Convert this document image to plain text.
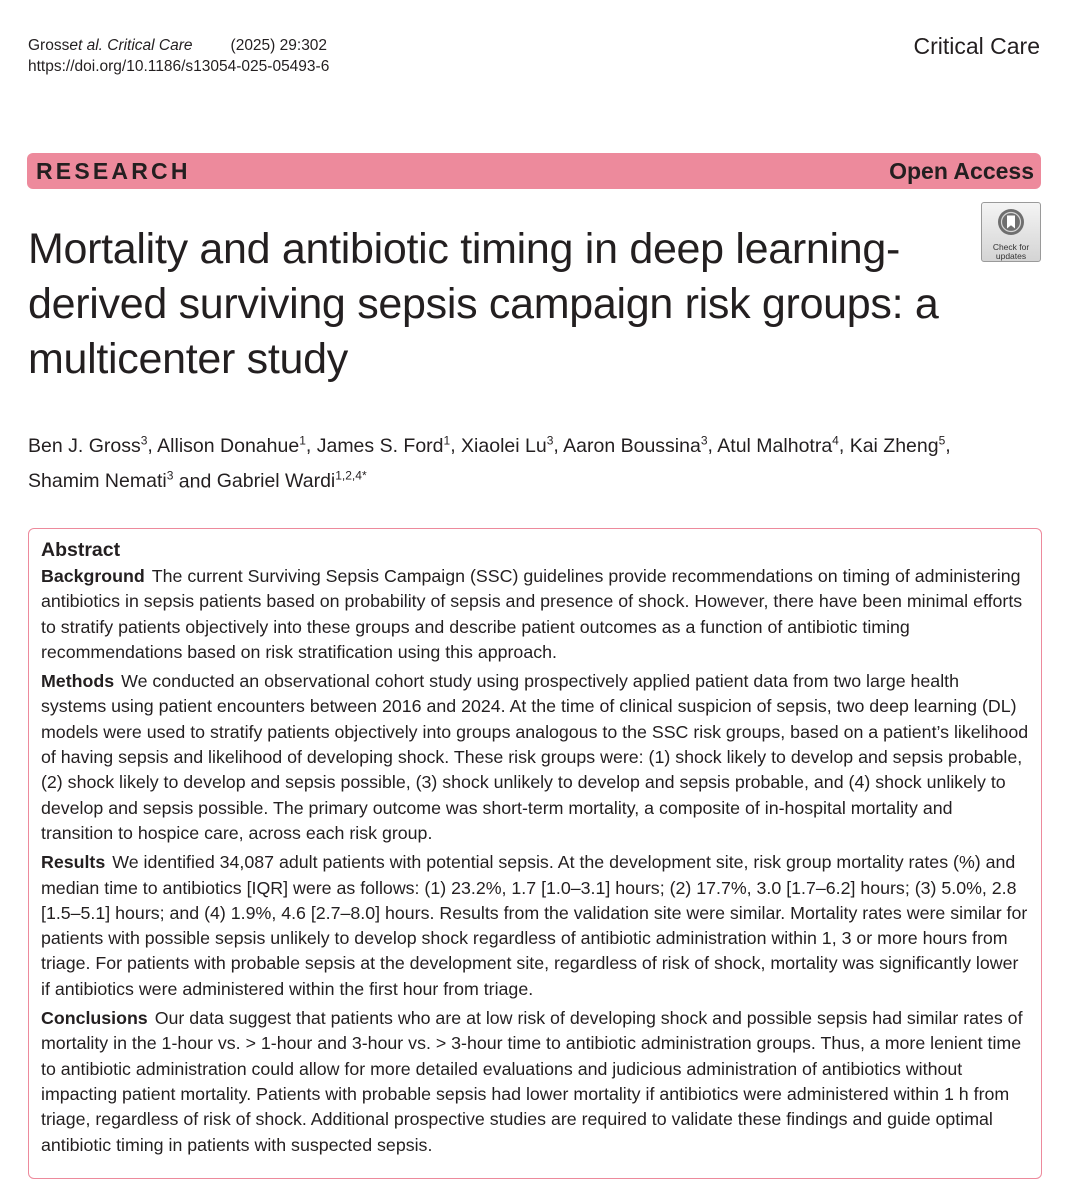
Grosset al. Critical Care (2025) 29:302
https://doi.org/10.1186/s13054-025-05493-6
Critical Care
RESEARCH	Open Access
Check for
updates
Mortality and antibiotic timing in deep learning-derived surviving sepsis campaign risk groups: a multicenter study
Ben J. Gross$^3$, Allison Donahue$^1$, James S. Ford$^1$, Xiaolei Lu$^3$, Aaron Boussina$^3$, Atul Malhotra$^4$, Kai Zheng$^5$, Shamim Nemati$^3$ and Gabriel Wardi$^{1,2,4*}$
Abstract

Background The current Surviving Sepsis Campaign (SSC) guidelines provide recommendations on timing of administering antibiotics in sepsis patients based on probability of sepsis and presence of shock. However, there have been minimal efforts to stratify patients objectively into these groups and describe patient outcomes as a function of antibiotic timing recommendations based on risk stratification using this approach.

Methods We conducted an observational cohort study using prospectively applied patient data from two large health systems using patient encounters between 2016 and 2024. At the time of clinical suspicion of sepsis, two deep learning (DL) models were used to stratify patients objectively into groups analogous to the SSC risk groups, based on a patient’s likelihood of having sepsis and likelihood of developing shock. These risk groups were: (1) shock likely to develop and sepsis probable, (2) shock likely to develop and sepsis possible, (3) shock unlikely to develop and sepsis probable, and (4) shock unlikely to develop and sepsis possible. The primary outcome was short-term mortality, a composite of in-hospital mortality and transition to hospice care, across each risk group.

Results We identified 34,087 adult patients with potential sepsis. At the development site, risk group mortality rates (%) and median time to antibiotics [IQR] were as follows: (1) 23.2%, 1.7 [1.0–3.1] hours; (2) 17.7%, 3.0 [1.7–6.2] hours; (3) 5.0%, 2.8 [1.5–5.1] hours; and (4) 1.9%, 4.6 [2.7–8.0] hours. Results from the validation site were similar. Mortality rates were similar for patients with possible sepsis unlikely to develop shock regardless of antibiotic administration within 1, 3 or more hours from triage. For patients with probable sepsis at the development site, regardless of risk of shock, mortality was significantly lower if antibiotics were administered within the first hour from triage.

Conclusions Our data suggest that patients who are at low risk of developing shock and possible sepsis had similar rates of mortality in the 1-hour vs. > 1-hour and 3-hour vs. > 3-hour time to antibiotic administration groups. Thus, a more lenient time to antibiotic administration could allow for more detailed evaluations and judicious administration of antibiotics without impacting patient mortality. Patients with probable sepsis had lower mortality if antibiotics were administered within 1 h from triage, regardless of risk of shock. Additional prospective studies are required to validate these findings and guide optimal antibiotic timing in patients with suspected sepsis.
